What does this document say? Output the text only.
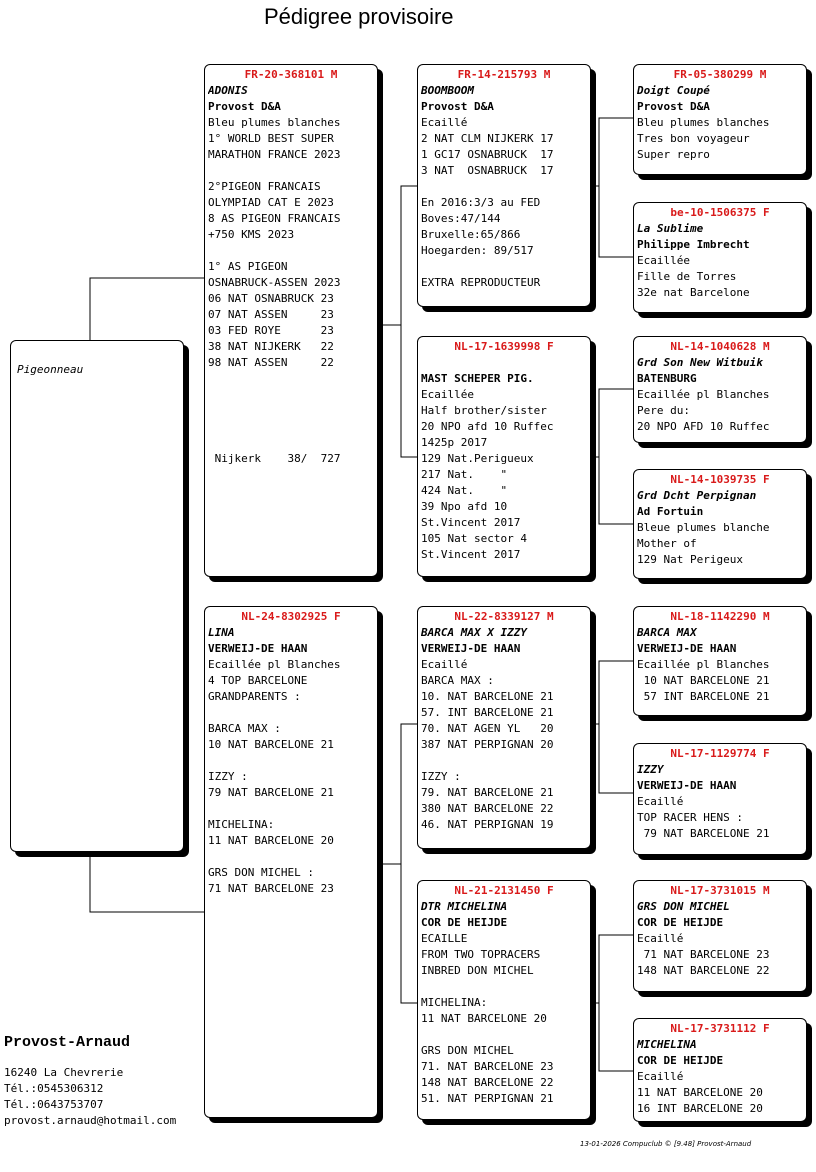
Pédigree provisoire
Pigeonneau
FR-20-368101 M
ADONIS
Provost D&A
Bleu plumes blanches
1° WORLD BEST SUPER
MARATHON FRANCE 2023
2°PIGEON FRANCAIS
OLYMPIAD CAT E 2023
8 AS PIGEON FRANCAIS
+750 KMS 2023
1° AS PIGEON
OSNABRUCK-ASSEN 2023
06 NAT OSNABRUCK 23
07 NAT ASSEN     23
03 FED ROYE      23
38 NAT NIJKERK   22
98 NAT ASSEN     22
Nijkerk    38/  727
NL-24-8302925 F
LINA
VERWEIJ-DE HAAN
Ecaillée pl Blanches
4 TOP BARCELONE
GRANDPARENTS :
BARCA MAX :
10 NAT BARCELONE 21
IZZY :
79 NAT BARCELONE 21
MICHELINA:
11 NAT BARCELONE 20
GRS DON MICHEL :
71 NAT BARCELONE 23
FR-14-215793 M
BOOMBOOM
Provost D&A
Ecaillé
2 NAT CLM NIJKERK 17
1 GC17 OSNABRUCK  17
3 NAT  OSNABRUCK  17
En 2016:3/3 au FED
Boves:47/144
Bruxelle:65/866
Hoegarden: 89/517
EXTRA REPRODUCTEUR
NL-17-1639998 F
MAST SCHEPER PIG.
Ecaillée
Half brother/sister
20 NPO afd 10 Ruffec
1425p 2017
129 Nat.Perigueux
217 Nat.    "
424 Nat.    "
39 Npo afd 10
St.Vincent 2017
105 Nat sector 4
St.Vincent 2017
NL-22-8339127 M
BARCA MAX X IZZY
VERWEIJ-DE HAAN
Ecaillé
BARCA MAX :
10. NAT BARCELONE 21
57. INT BARCELONE 21
70. NAT AGEN YL   20
387 NAT PERPIGNAN 20
IZZY :
79. NAT BARCELONE 21
380 NAT BARCELONE 22
46. NAT PERPIGNAN 19
NL-21-2131450 F
DTR MICHELINA
COR DE HEIJDE
ECAILLE
FROM TWO TOPRACERS
INBRED DON MICHEL
MICHELINA:
11 NAT BARCELONE 20
GRS DON MICHEL
71. NAT BARCELONE 23
148 NAT BARCELONE 22
51. NAT PERPIGNAN 21
FR-05-380299 M
Doigt Coupé
Provost D&A
Bleu plumes blanches
Tres bon voyageur
Super repro
be-10-1506375 F
La Sublime
Philippe Imbrecht
Ecaillée
Fille de Torres
32e nat Barcelone
NL-14-1040628 M
Grd Son New Witbuik
BATENBURG
Ecaillée pl Blanches
Pere du:
20 NPO AFD 10 Ruffec
NL-14-1039735 F
Grd Dcht Perpignan
Ad Fortuin
Bleue plumes blanche
Mother of
129 Nat Perigeux
NL-18-1142290 M
BARCA MAX
VERWEIJ-DE HAAN
Ecaillée pl Blanches
10 NAT BARCELONE 21
57 INT BARCELONE 21
NL-17-1129774 F
IZZY
VERWEIJ-DE HAAN
Ecaillé
TOP RACER HENS :
79 NAT BARCELONE 21
NL-17-3731015 M
GRS DON MICHEL
COR DE HEIJDE
Ecaillé
71 NAT BARCELONE 23
148 NAT BARCELONE 22
NL-17-3731112 F
MICHELINA
COR DE HEIJDE
Ecaillé
11 NAT BARCELONE 20
16 INT BARCELONE 20
Provost-Arnaud
16240 La Chevrerie
Tél.:0545306312
Tél.:0643753707
provost.arnaud@hotmail.com
13-01-2026 Compuclub © [9.48] Provost-Arnaud
